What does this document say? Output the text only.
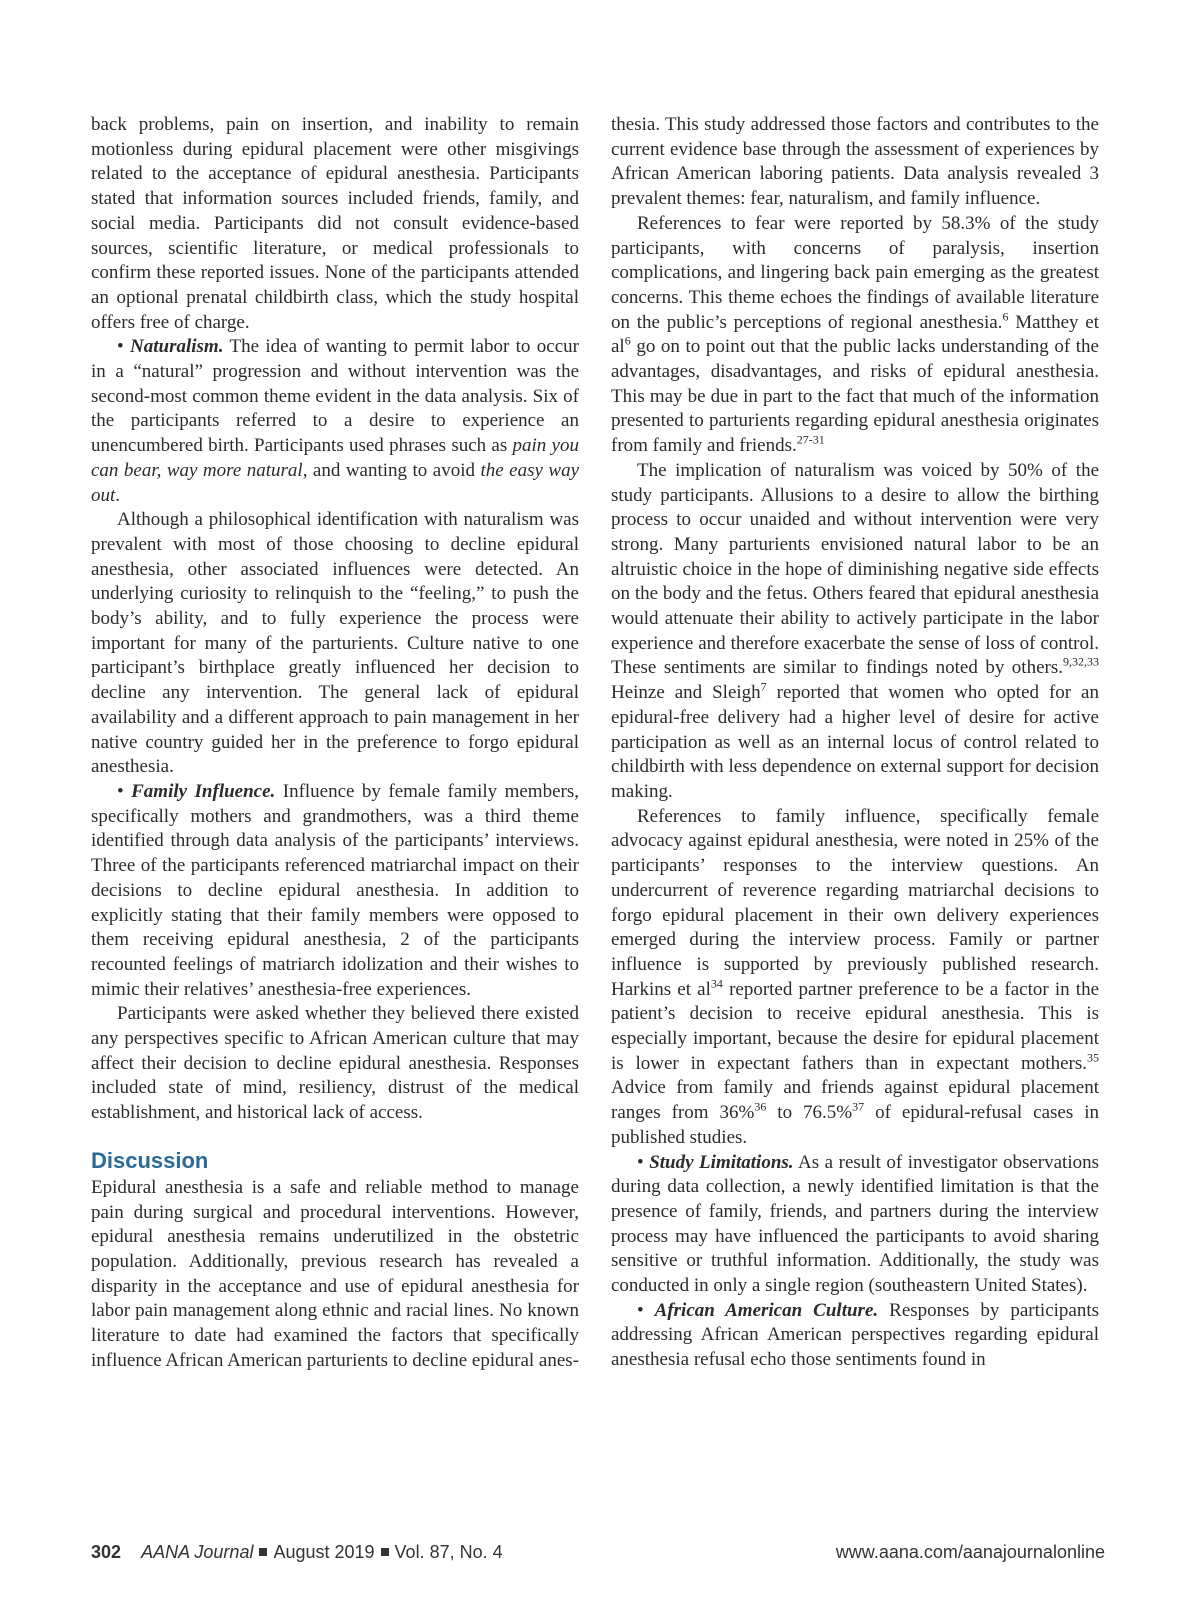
back problems, pain on insertion, and inability to remain motionless during epidural placement were other misgivings related to the acceptance of epidural anesthesia. Participants stated that information sources included friends, family, and social media. Participants did not consult evidence-based sources, scientific literature, or medical professionals to confirm these reported issues. None of the participants attended an optional prenatal childbirth class, which the study hospital offers free of charge.

• Naturalism. The idea of wanting to permit labor to occur in a “natural” progression and without intervention was the second-most common theme evident in the data analysis. Six of the participants referred to a desire to experience an unencumbered birth. Participants used phrases such as pain you can bear, way more natural, and wanting to avoid the easy way out.

Although a philosophical identification with naturalism was prevalent with most of those choosing to decline epidural anesthesia, other associated influences were detected. An underlying curiosity to relinquish to the “feeling,” to push the body’s ability, and to fully experience the process were important for many of the parturients. Culture native to one participant’s birthplace greatly influenced her decision to decline any intervention. The general lack of epidural availability and a different approach to pain management in her native country guided her in the preference to forgo epidural anesthesia.

• Family Influence. Influence by female family members, specifically mothers and grandmothers, was a third theme identified through data analysis of the participants’ interviews. Three of the participants referenced matriarchal impact on their decisions to decline epidural anesthesia. In addition to explicitly stating that their family members were opposed to them receiving epidural anesthesia, 2 of the participants recounted feelings of matriarch idolization and their wishes to mimic their relatives’ anesthesia-free experiences.

Participants were asked whether they believed there existed any perspectives specific to African American culture that may affect their decision to decline epidural anesthesia. Responses included state of mind, resiliency, distrust of the medical establishment, and historical lack of access.

Discussion

Epidural anesthesia is a safe and reliable method to manage pain during surgical and procedural interventions. However, epidural anesthesia remains underutilized in the obstetric population. Additionally, previous research has revealed a disparity in the acceptance and use of epidural anesthesia for labor pain management along ethnic and racial lines. No known literature to date had examined the factors that specifically influence African American parturients to decline epidural anes-

thesia. This study addressed those factors and contributes to the current evidence base through the assessment of experiences by African American laboring patients. Data analysis revealed 3 prevalent themes: fear, naturalism, and family influence.

References to fear were reported by 58.3% of the study participants, with concerns of paralysis, insertion complications, and lingering back pain emerging as the greatest concerns. This theme echoes the findings of available literature on the public’s perceptions of regional anesthesia.$^6$ Matthey et $al^6$ go on to point out that the public lacks understanding of the advantages, disadvantages, and risks of epidural anesthesia. This may be due in part to the fact that much of the information presented to parturients regarding epidural anesthesia originates from family and friends.$^{27-31}$

The implication of naturalism was voiced by 50% of the study participants. Allusions to a desire to allow the birthing process to occur unaided and without intervention were very strong. Many parturients envisioned natural labor to be an altruistic choice in the hope of diminishing negative side effects on the body and the fetus. Others feared that epidural anesthesia would attenuate their ability to actively participate in the labor experience and therefore exacerbate the sense of loss of control. These sentiments are similar to findings noted by others.$^{9,32,33}$ Heinze and Sleigh$^7$ reported that women who opted for an epidural-free delivery had a higher level of desire for active participation as well as an internal locus of control related to childbirth with less dependence on external support for decision making.

References to family influence, specifically female advocacy against epidural anesthesia, were noted in 25% of the participants’ responses to the interview questions. An undercurrent of reverence regarding matriarchal decisions to forgo epidural placement in their own delivery experiences emerged during the interview process. Family or partner influence is supported by previously published research. Harkins et $al^{34}$ reported partner preference to be a factor in the patient’s decision to receive epidural anesthesia. This is especially important, because the desire for epidural placement is lower in expectant fathers than in expectant mothers.$^{35}$ Advice from family and friends against epidural placement ranges from 36%$^{36}$ to 76.5%$^{37}$ of epidural-refusal cases in published studies.

• Study Limitations. As a result of investigator observations during data collection, a newly identified limitation is that the presence of family, friends, and partners during the interview process may have influenced the participants to avoid sharing sensitive or truthful information. Additionally, the study was conducted in only a single region (southeastern United States).

• African American Culture. Responses by participants addressing African American perspectives regarding epidural anesthesia refusal echo those sentiments found in

302 AANA Journal August 2019 Vol. 87, No. 4	www.aana.com/aanajournalonline
